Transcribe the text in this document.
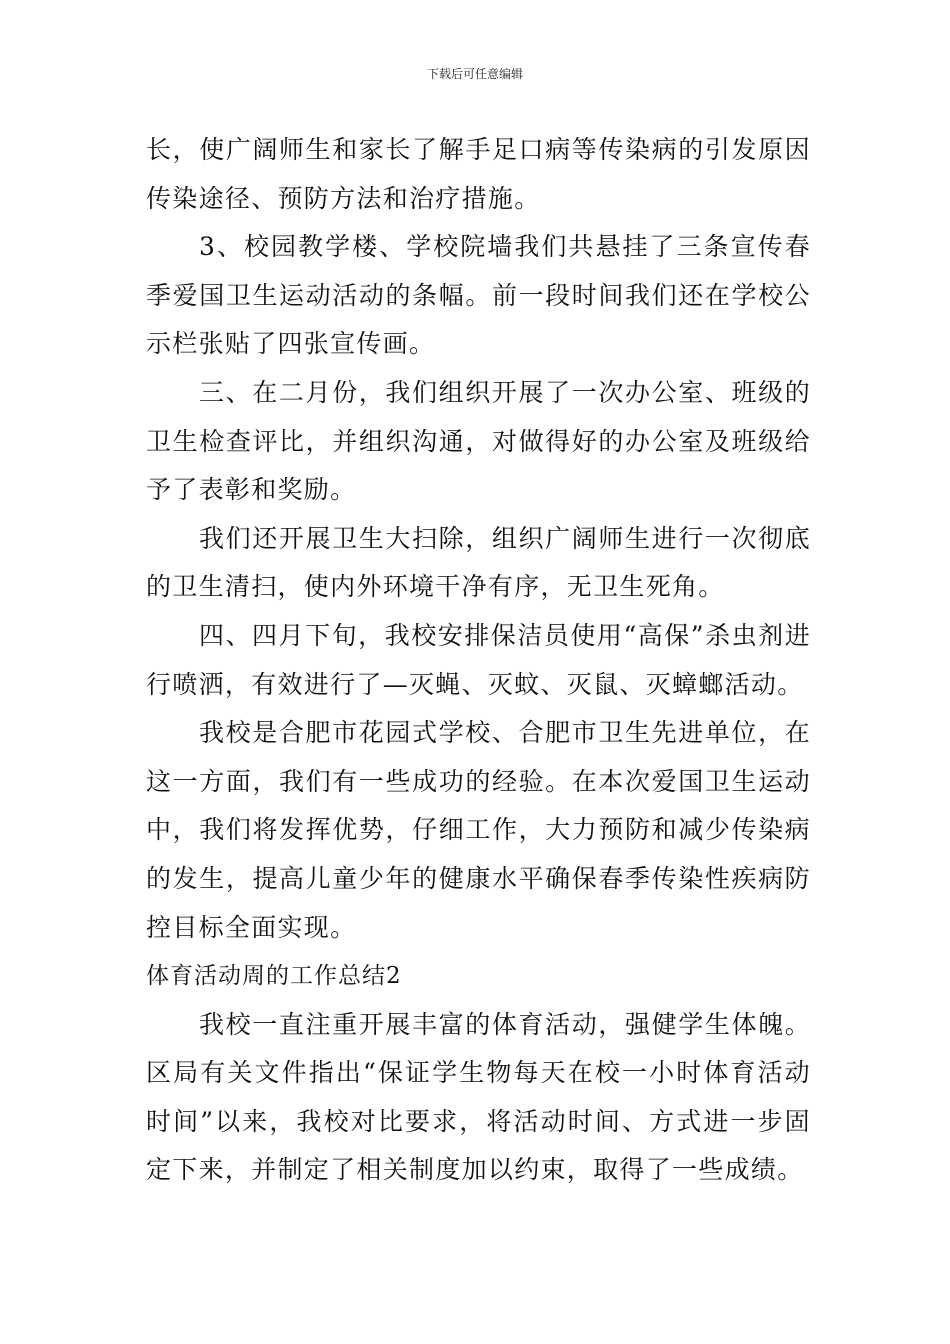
下载后可任意编辑

长，使广阔师生和家长了解手足口病等传染病的引发原因传染途径、预防方法和治疗措施。

3、校园教学楼、学校院墙我们共悬挂了三条宣传春季爱国卫生运动活动的条幅。前一段时间我们还在学校公示栏张贴了四张宣传画。

三、在二月份，我们组织开展了一次办公室、班级的卫生检查评比，并组织沟通，对做得好的办公室及班级给予了表彰和奖励。

我们还开展卫生大扫除，组织广阔师生进行一次彻底的卫生清扫，使内外环境干净有序，无卫生死角。

四、四月下旬，我校安排保洁员使用“高保”杀虫剂进行喷洒，有效进行了—灭蝇、灭蚊、灭鼠、灭蟑螂活动。

我校是合肥市花园式学校、合肥市卫生先进单位，在这一方面，我们有一些成功的经验。在本次爱国卫生运动中，我们将发挥优势，仔细工作，大力预防和减少传染病的发生，提高儿童少年的健康水平确保春季传染性疾病防控目标全面实现。

体育活动周的工作总结2

我校一直注重开展丰富的体育活动，强健学生体魄。区局有关文件指出“保证学生物每天在校一小时体育活动时间”以来，我校对比要求，将活动时间、方式进一步固定下来，并制定了相关制度加以约束，取得了一些成绩。
